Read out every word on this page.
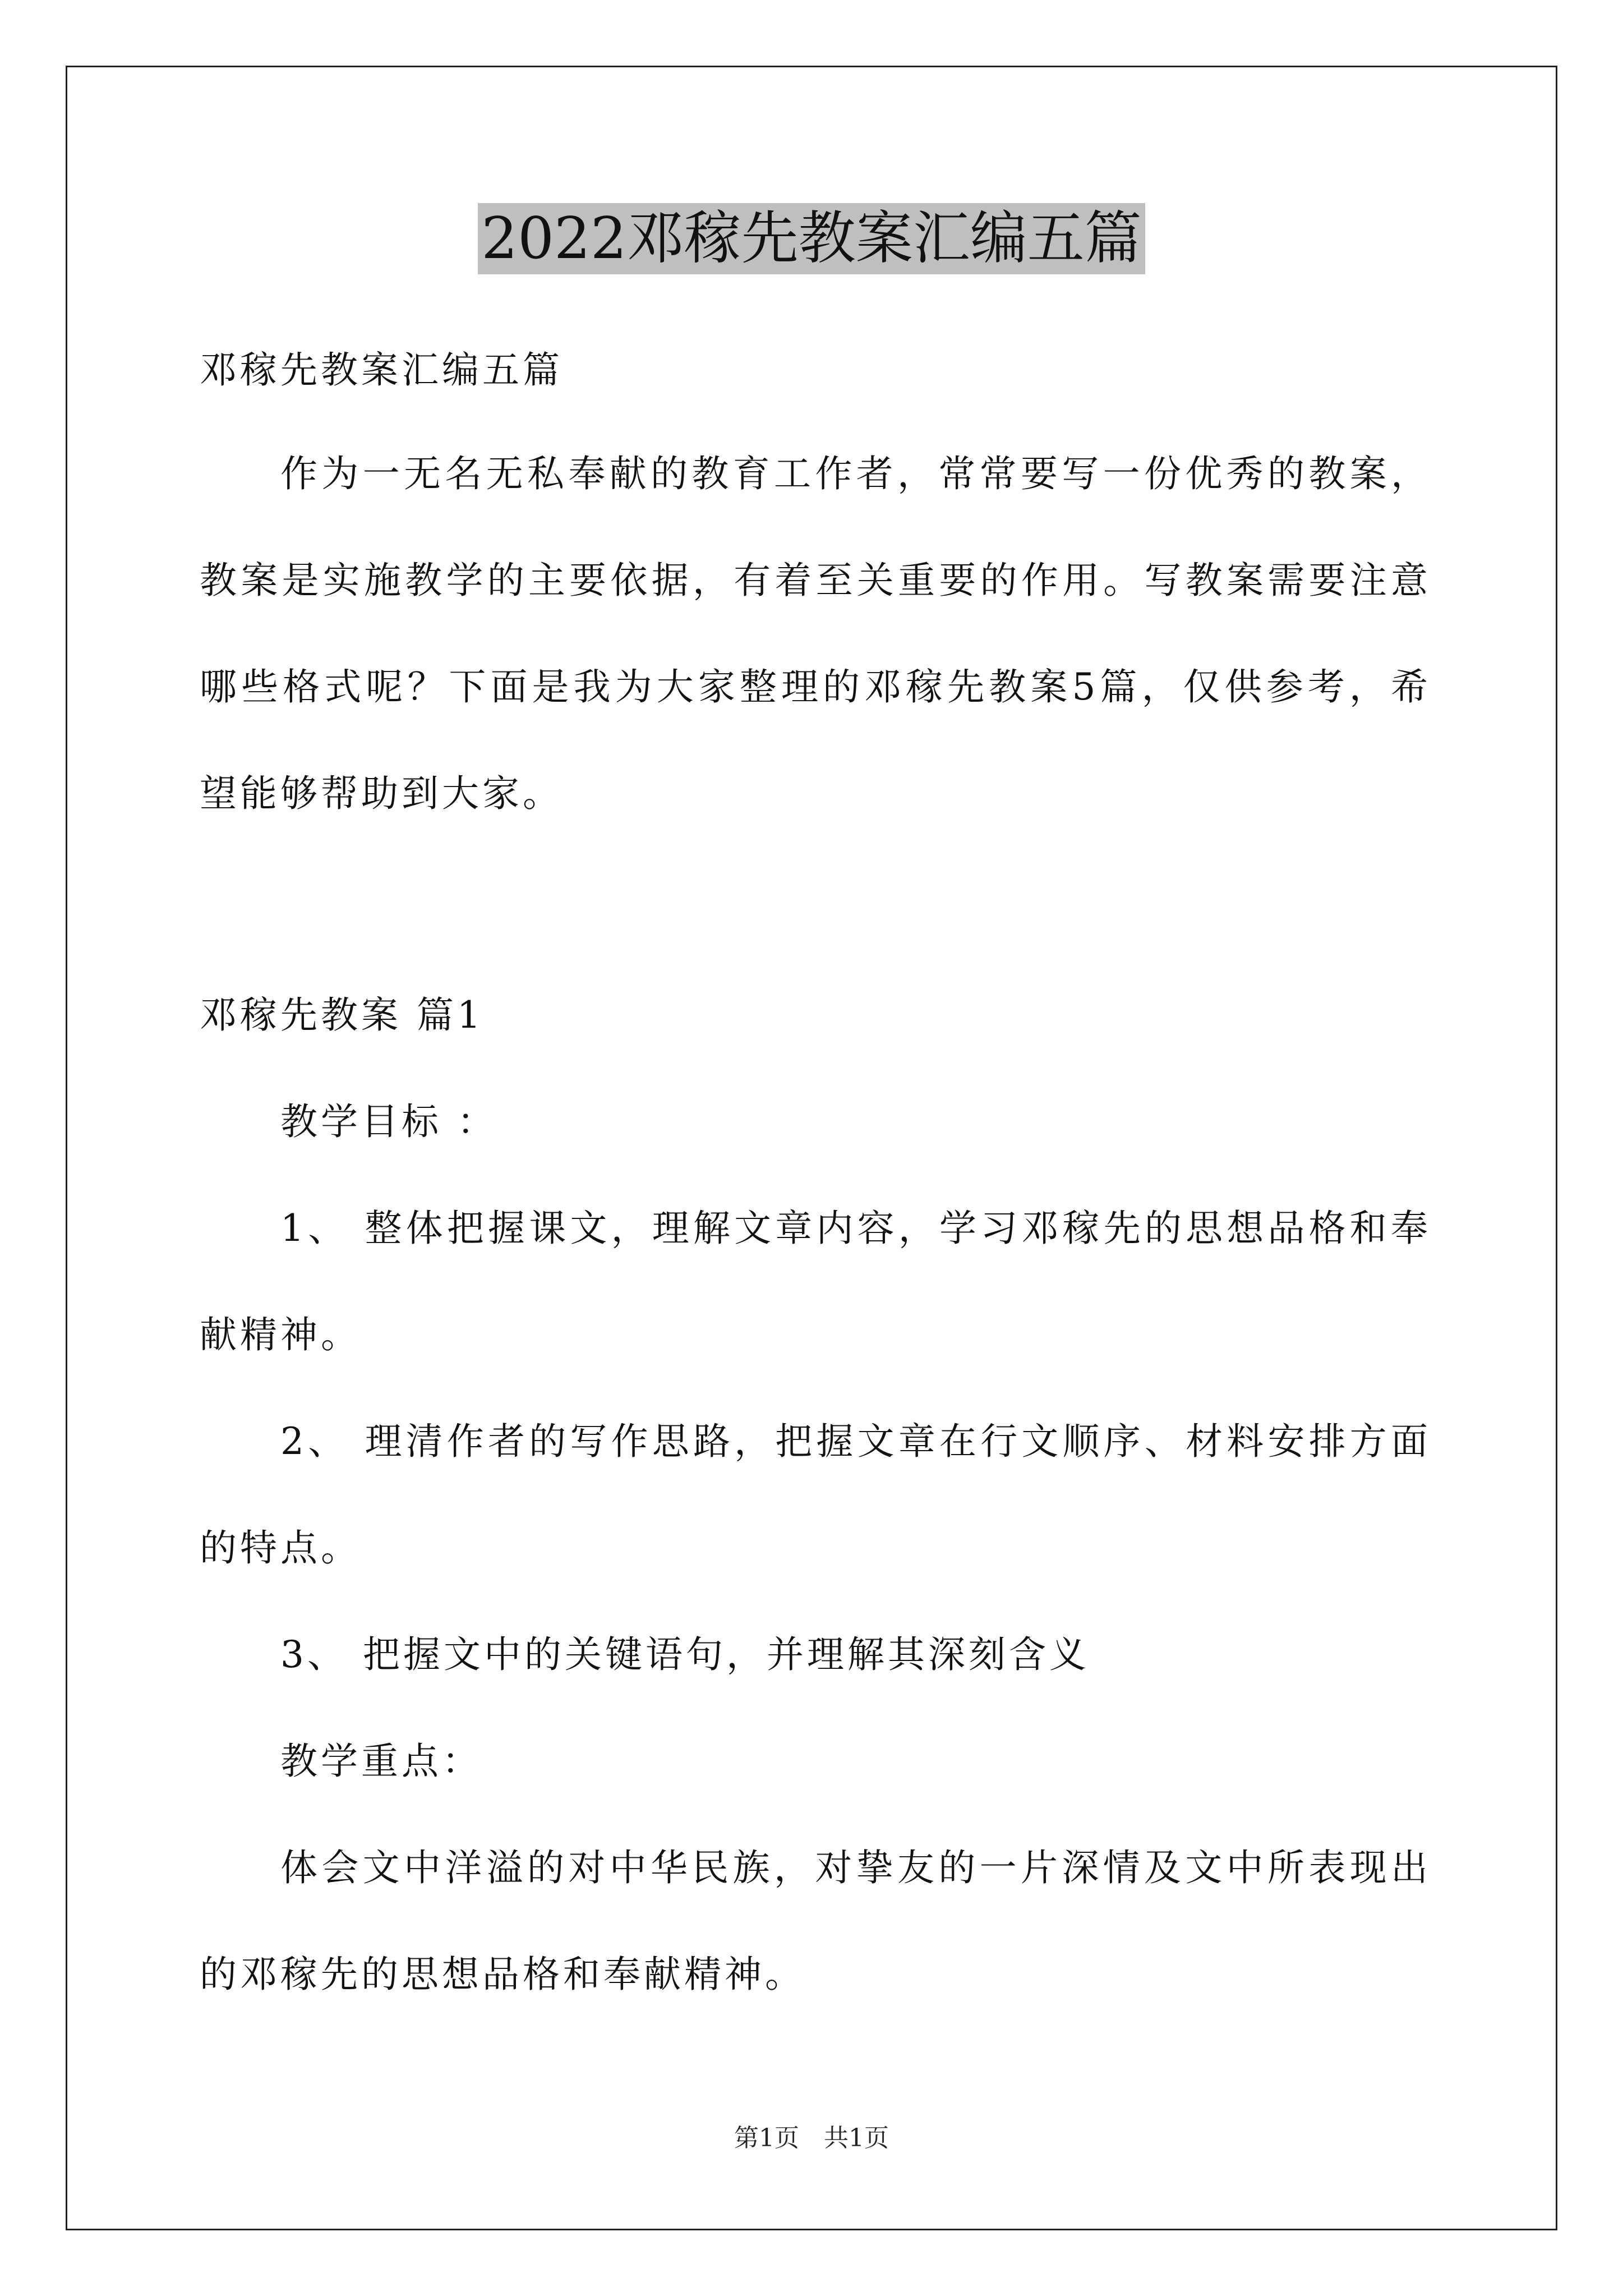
2022邓稼先教案汇编五篇
邓稼先教案汇编五篇
作为一无名无私奉献的教育工作者，常常要写一份优秀的教案，
教案是实施教学的主要依据，有着至关重要的作用。写教案需要注意
哪些格式呢？下面是我为大家整理的邓稼先教案5篇，仅供参考，希
望能够帮助到大家。
邓稼先教案 篇1
教学目标 ：
1、 整体把握课文，理解文章内容，学习邓稼先的思想品格和奉
献精神。
2、 理清作者的写作思路，把握文章在行文顺序、材料安排方面
的特点。
3、 把握文中的关键语句，并理解其深刻含义
教学重点：
体会文中洋溢的对中华民族，对挚友的一片深情及文中所表现出
的邓稼先的思想品格和奉献精神。
第1页　共1页
